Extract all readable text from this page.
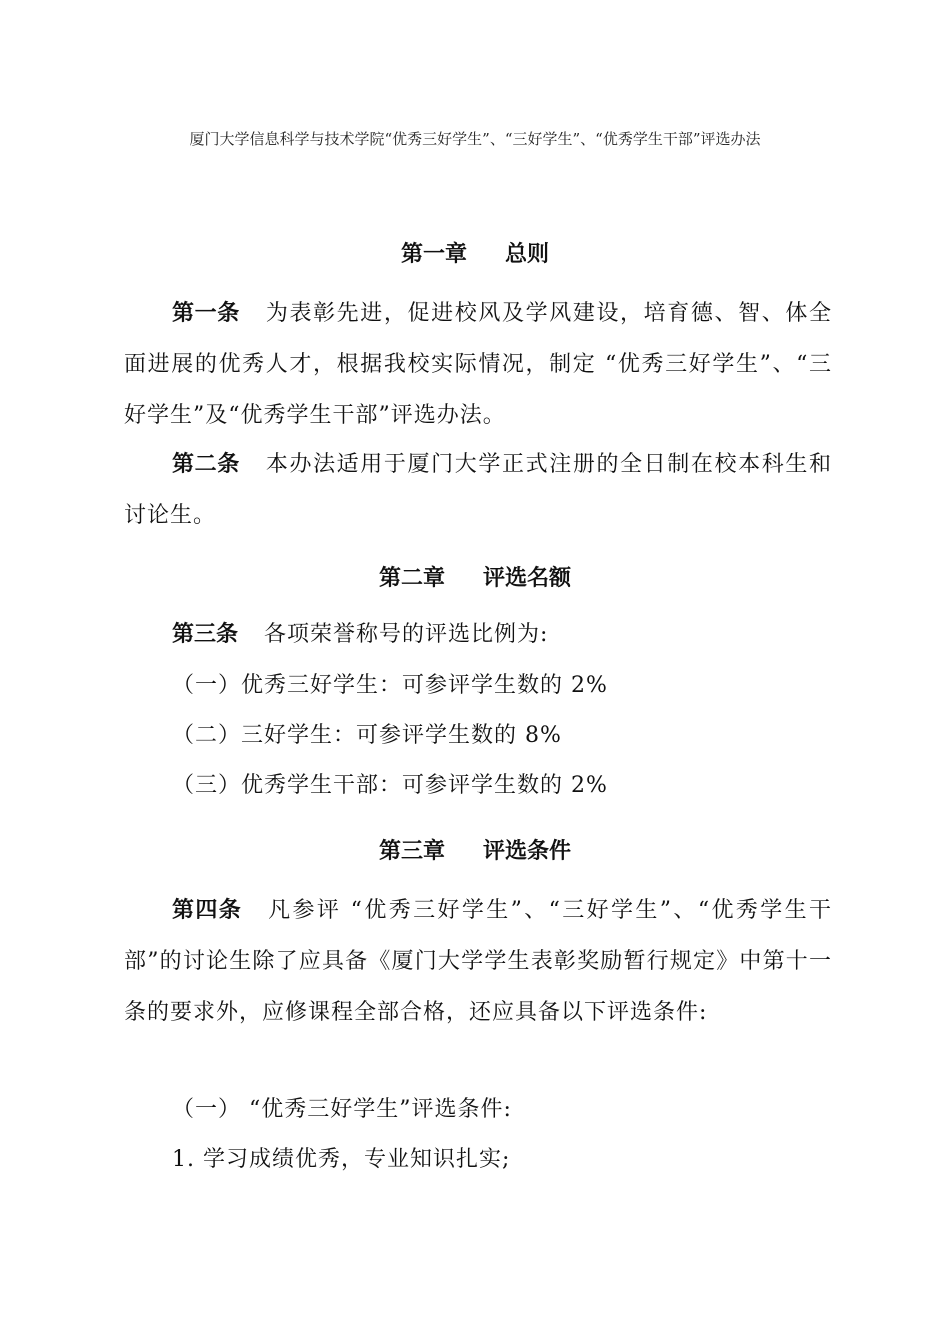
厦门大学信息科学与技术学院“优秀三好学生”、“三好学生”、“优秀学生干部”评选办法
第一章 总则
第一条 为表彰先进，促进校风及学风建设，培育德、智、体全面进展的优秀人才，根据我校实际情况，制定 “优秀三好学生”、“三好学生”及“优秀学生干部”评选办法。
第二条 本办法适用于厦门大学正式注册的全日制在校本科生和讨论生。
第二章 评选名额
第三条 各项荣誉称号的评选比例为:
（一）优秀三好学生：可参评学生数的 2%
（二）三好学生：可参评学生数的 8%
（三）优秀学生干部：可参评学生数的 2%
第三章 评选条件
第四条 凡参评 “优秀三好学生”、“三好学生”、“优秀学生干部”的讨论生除了应具备《厦门大学学生表彰奖励暂行规定》中第十一条的要求外，应修课程全部合格，还应具备以下评选条件:
（一） “优秀三好学生”评选条件:
1. 学习成绩优秀，专业知识扎实;
